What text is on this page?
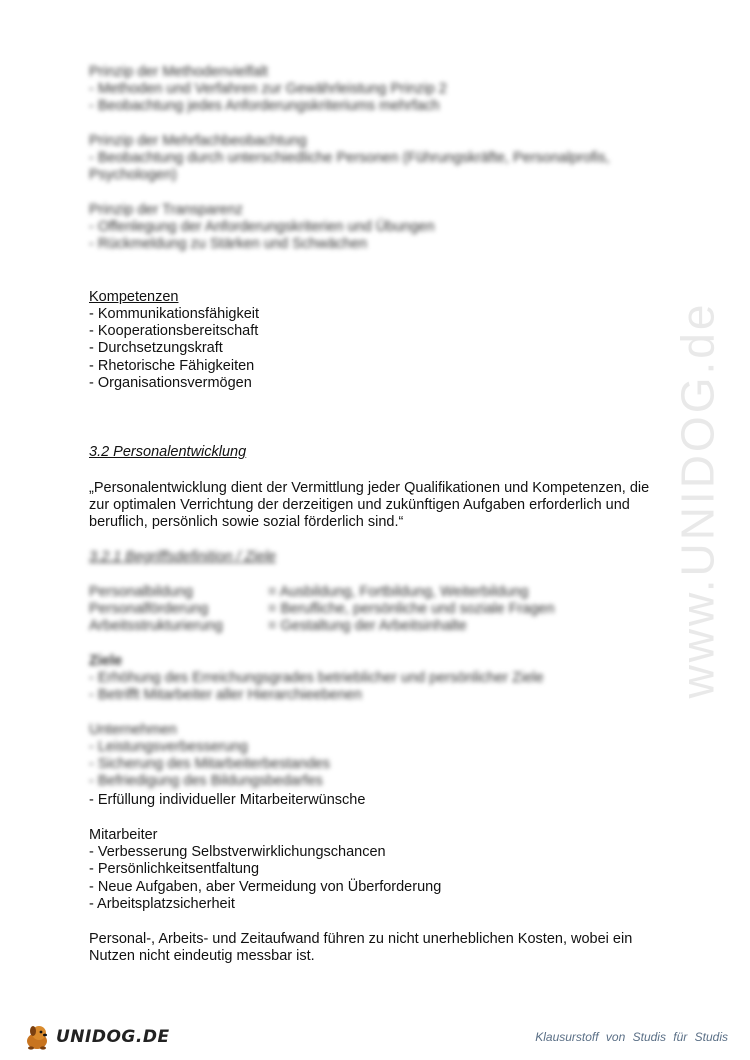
www.UNIDOG.de
Prinzip der Methodenvielfalt
- Methoden und Verfahren zur Gewährleistung Prinzip 2
- Beobachtung jedes Anforderungskriteriums mehrfach
Prinzip der Mehrfachbeobachtung
- Beobachtung durch unterschiedliche Personen (Führungskräfte, Personalprofis,
Psychologen)
Prinzip der Transparenz
- Offenlegung der Anforderungskriterien und Übungen
- Rückmeldung zu Stärken und Schwächen
Kompetenzen
- Kommunikationsfähigkeit
- Kooperationsbereitschaft
- Durchsetzungskraft
- Rhetorische Fähigkeiten
- Organisationsvermögen
3.2 Personalentwicklung
„Personalentwicklung dient der Vermittlung jeder Qualifikationen und Kompetenzen, die
zur optimalen Verrichtung der derzeitigen und zukünftigen Aufgaben erforderlich und
beruflich, persönlich sowie sozial förderlich sind.“
3.2.1 Begriffsdefinition / Ziele
Personalbildung	= Ausbildung, Fortbildung, Weiterbildung
Personalförderung	= Berufliche, persönliche und soziale Fragen
Arbeitsstrukturierung	= Gestaltung der Arbeitsinhalte
Ziele
- Erhöhung des Erreichungsgrades betrieblicher und persönlicher Ziele
- Betrifft Mitarbeiter aller Hierarchieebenen
Unternehmen
- Leistungsverbesserung
- Sicherung des Mitarbeiterbestandes
- Befriedigung des Bildungsbedarfes
- Erfüllung individueller Mitarbeiterwünsche
Mitarbeiter
- Verbesserung Selbstverwirklichungschancen
- Persönlichkeitsentfaltung
- Neue Aufgaben, aber Vermeidung von Überforderung
- Arbeitsplatzsicherheit
Personal-, Arbeits- und Zeitaufwand führen zu nicht unerheblichen Kosten, wobei ein
Nutzen nicht eindeutig messbar ist.
UNIDOG.DE	Klausurstoff von Studis für Studis
